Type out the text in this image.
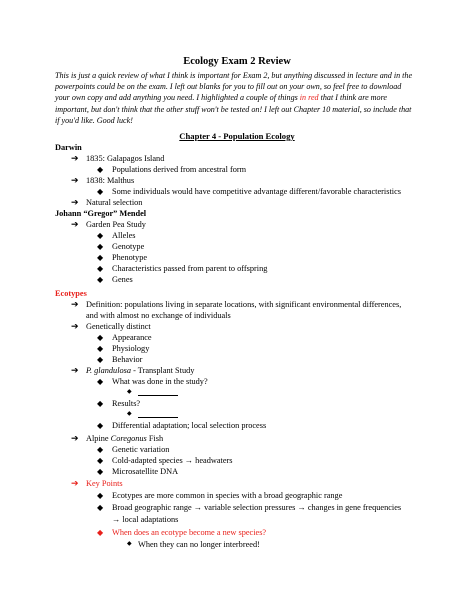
Ecology Exam 2 Review
This is just a quick review of what I think is important for Exam 2, but anything discussed in lecture and in the powerpoints could be on the exam. I left out blanks for you to fill out on your own, so feel free to download your own copy and add anything you need. I highlighted a couple of things in red that I think are more important, but don't think that the other stuff won't be tested on! I left out Chapter 10 material, so include that if you'd like. Good luck!
Chapter 4 - Population Ecology
Darwin
➔ 1835: Galapagos Island
◆ Populations derived from ancestral form
➔ 1838: Malthus
◆ Some individuals would have competitive advantage different/favorable characteristics
➔ Natural selection
Johann “Gregor” Mendel
➔ Garden Pea Study
◆ Alleles
◆ Genotype
◆ Phenotype
◆ Characteristics passed from parent to offspring
◆ Genes
Ecotypes
➔ Definition: populations living in separate locations, with significant environmental differences,
and with almost no exchange of individuals
➔ Genetically distinct
◆ Appearance
◆ Physiology
◆ Behavior
➔ P. glandulosa - Transplant Study
◆ What was done in the study?
◆
◆ Results?
◆
◆ Differential adaptation; local selection process
➔ Alpine Coregonus Fish
◆ Genetic variation
◆ Cold-adapted species → headwaters
◆ Microsatellite DNA
➔ Key Points
◆ Ecotypes are more common in species with a broad geographic range
◆ Broad geographic range → variable selection pressures → changes in gene frequencies
→ local adaptations
◆ When does an ecotype become a new species?
◆ When they can no longer interbreed!
